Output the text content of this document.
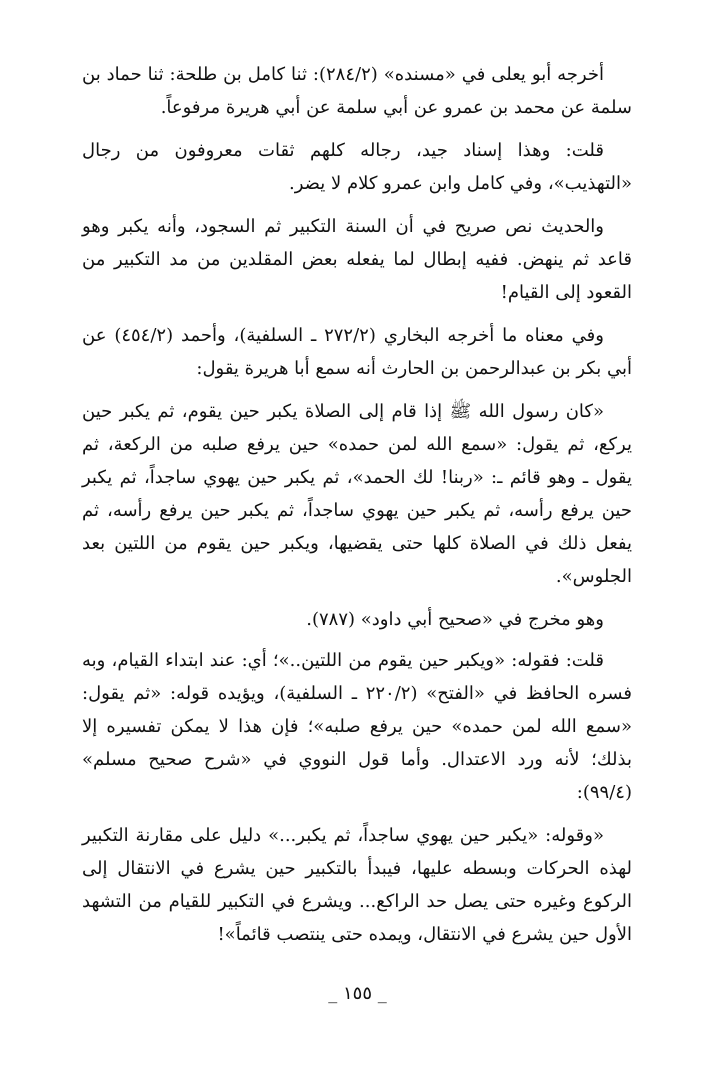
أخرجه أبو يعلى في «مسنده» (٢٨٤/٢): ثنا كامل بن طلحة: ثنا حماد بن سلمة عن محمد بن عمرو عن أبي سلمة عن أبي هريرة مرفوعاً.

قلت: وهذا إسناد جيد، رجاله كلهم ثقات معروفون من رجال «التهذيب»، وفي كامل وابن عمرو كلام لا يضر.

والحديث نص صريح في أن السنة التكبير ثم السجود، وأنه يكبر وهو قاعد ثم ينهض. ففيه إبطال لما يفعله بعض المقلدين من مد التكبير من القعود إلى القيام!

وفي معناه ما أخرجه البخاري (٢٧٢/٢ ـ السلفية)، وأحمد (٤٥٤/٢) عن أبي بكر بن عبدالرحمن بن الحارث أنه سمع أبا هريرة يقول:

«كان رسول الله ﷺ إذا قام إلى الصلاة يكبر حين يقوم، ثم يكبر حين يركع، ثم يقول: «سمع الله لمن حمده» حين يرفع صلبه من الركعة، ثم يقول ـ وهو قائم ـ: «ربنا! لك الحمد»، ثم يكبر حين يهوي ساجداً، ثم يكبر حين يرفع رأسه، ثم يكبر حين يهوي ساجداً، ثم يكبر حين يرفع رأسه، ثم يفعل ذلك في الصلاة كلها حتى يقضيها، ويكبر حين يقوم من اللتين بعد الجلوس».

وهو مخرج في «صحيح أبي داود» (٧٨٧).

قلت: فقوله: «ويكبر حين يقوم من اللتين..»؛ أي: عند ابتداء القيام، وبه فسره الحافظ في «الفتح» (٢٢٠/٢ ـ السلفية)، ويؤيده قوله: «ثم يقول: «سمع الله لمن حمده» حين يرفع صلبه»؛ فإن هذا لا يمكن تفسيره إلا بذلك؛ لأنه ورد الاعتدال. وأما قول النووي في «شرح صحيح مسلم» (٩٩/٤):

«وقوله: «يكبر حين يهوي ساجداً، ثم يكبر...» دليل على مقارنة التكبير لهذه الحركات وبسطه عليها، فيبدأ بالتكبير حين يشرع في الانتقال إلى الركوع وغيره حتى يصل حد الراكع... ويشرع في التكبير للقيام من التشهد الأول حين يشرع في الانتقال، ويمده حتى ينتصب قائماً»!

_ ١٥٥ _
